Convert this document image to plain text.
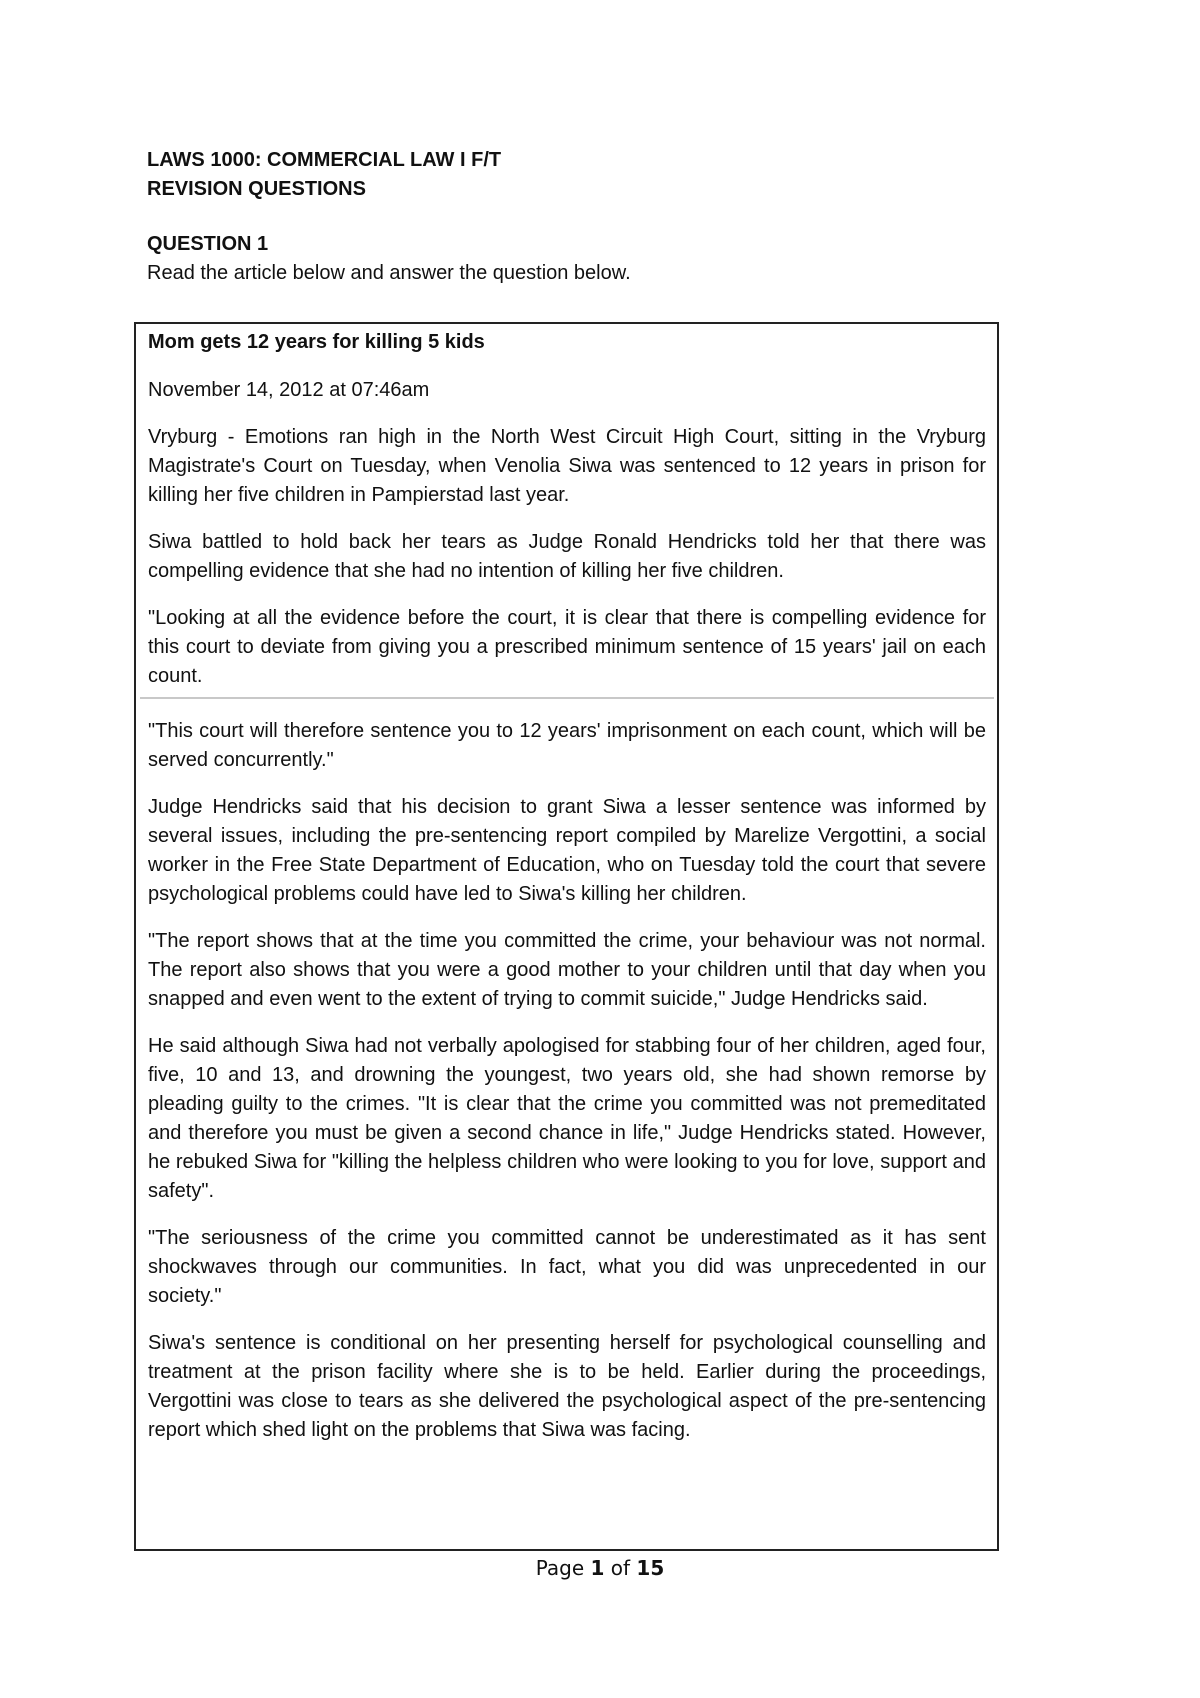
LAWS 1000: COMMERCIAL LAW I F/T

REVISION QUESTIONS

QUESTION 1
Read the article below and answer the question below.

Mom gets 12 years for killing 5 kids

November 14, 2012 at 07:46am

Vryburg - Emotions ran high in the North West Circuit High Court, sitting in the Vryburg Magistrate's Court on Tuesday, when Venolia Siwa was sentenced to 12 years in prison for killing her five children in Pampierstad last year.

Siwa battled to hold back her tears as Judge Ronald Hendricks told her that there was compelling evidence that she had no intention of killing her five children.

"Looking at all the evidence before the court, it is clear that there is compelling evidence for this court to deviate from giving you a prescribed minimum sentence of 15 years' jail on each count.

"This court will therefore sentence you to 12 years' imprisonment on each count, which will be served concurrently."

Judge Hendricks said that his decision to grant Siwa a lesser sentence was informed by several issues, including the pre-sentencing report compiled by Marelize Vergottini, a social worker in the Free State Department of Education, who on Tuesday told the court that severe psychological problems could have led to Siwa's killing her children.

"The report shows that at the time you committed the crime, your behaviour was not normal. The report also shows that you were a good mother to your children until that day when you snapped and even went to the extent of trying to commit suicide," Judge Hendricks said.

He said although Siwa had not verbally apologised for stabbing four of her children, aged four, five, 10 and 13, and drowning the youngest, two years old, she had shown remorse by pleading guilty to the crimes. "It is clear that the crime you committed was not premeditated and therefore you must be given a second chance in life," Judge Hendricks stated. However, he rebuked Siwa for "killing the helpless children who were looking to you for love, support and safety".

"The seriousness of the crime you committed cannot be underestimated as it has sent shockwaves through our communities. In fact, what you did was unprecedented in our society."

Siwa's sentence is conditional on her presenting herself for psychological counselling and treatment at the prison facility where she is to be held. Earlier during the proceedings, Vergottini was close to tears as she delivered the psychological aspect of the pre-sentencing report which shed light on the problems that Siwa was facing.

Page 1 of 15
